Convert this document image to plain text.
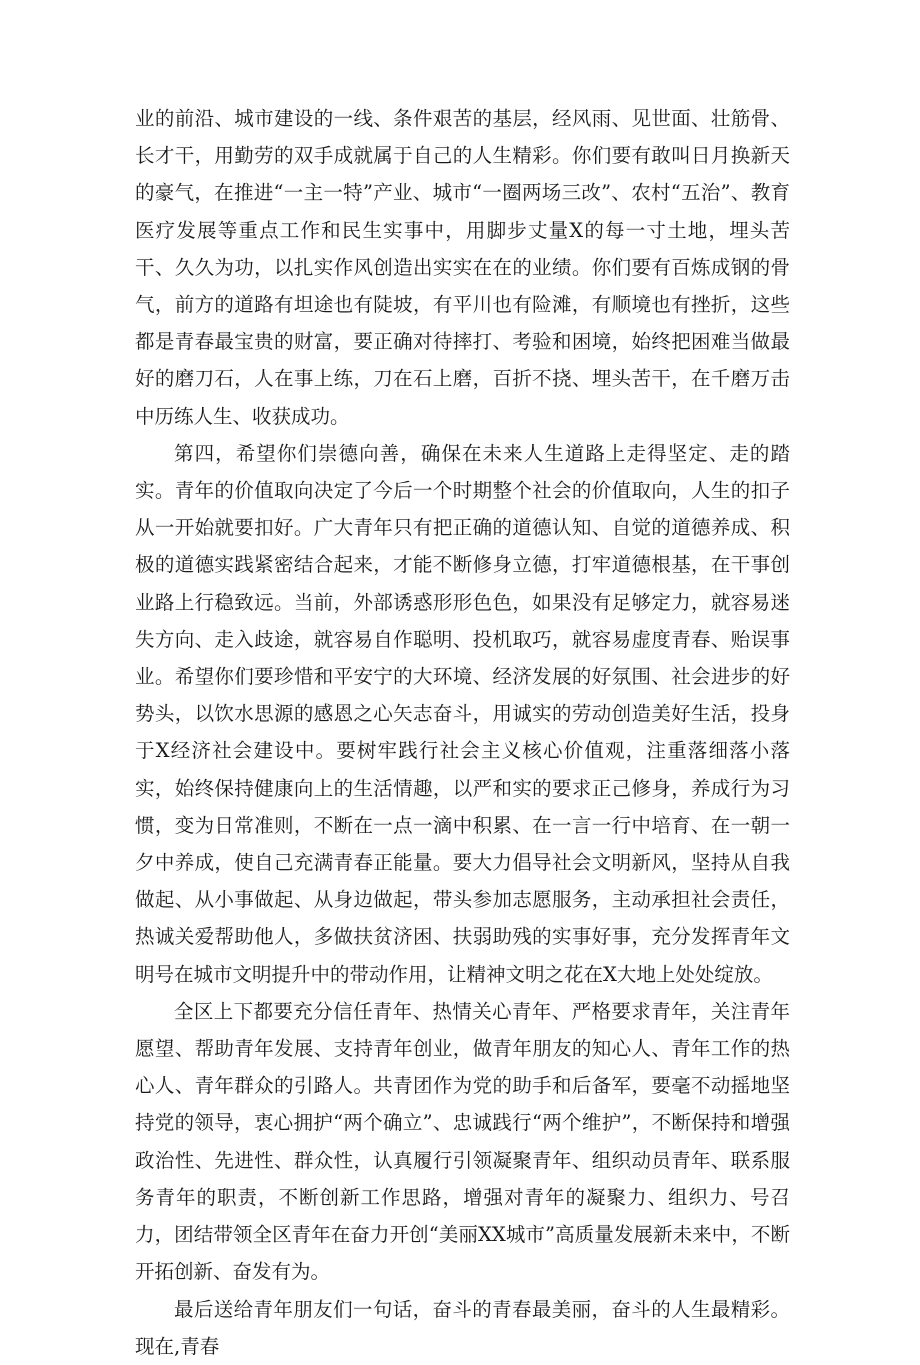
业的前沿、城市建设的一线、条件艰苦的基层，经风雨、见世面、壮筋骨、长才干，用勤劳的双手成就属于自己的人生精彩。你们要有敢叫日月换新天的豪气，在推进“一主一特”产业、城市“一圈两场三改”、农村“五治”、教育医疗发展等重点工作和民生实事中，用脚步丈量X的每一寸土地，埋头苦干、久久为功，以扎实作风创造出实实在在的业绩。你们要有百炼成钢的骨气，前方的道路有坦途也有陡坡，有平川也有险滩，有顺境也有挫折，这些都是青春最宝贵的财富，要正确对待摔打、考验和困境，始终把困难当做最好的磨刀石，人在事上练，刀在石上磨，百折不挠、埋头苦干，在千磨万击中历练人生、收获成功。

第四，希望你们崇德向善，确保在未来人生道路上走得坚定、走的踏实。青年的价值取向决定了今后一个时期整个社会的价值取向，人生的扣子从一开始就要扣好。广大青年只有把正确的道德认知、自觉的道德养成、积极的道德实践紧密结合起来，才能不断修身立德，打牢道德根基，在干事创业路上行稳致远。当前，外部诱惑形形色色，如果没有足够定力，就容易迷失方向、走入歧途，就容易自作聪明、投机取巧，就容易虚度青春、贻误事业。希望你们要珍惜和平安宁的大环境、经济发展的好氛围、社会进步的好势头，以饮水思源的感恩之心矢志奋斗，用诚实的劳动创造美好生活，投身于X经济社会建设中。要树牢践行社会主义核心价值观，注重落细落小落实，始终保持健康向上的生活情趣，以严和实的要求正己修身，养成行为习惯，变为日常准则，不断在一点一滴中积累、在一言一行中培育、在一朝一夕中养成，使自己充满青春正能量。要大力倡导社会文明新风，坚持从自我做起、从小事做起、从身边做起，带头参加志愿服务，主动承担社会责任，热诚关爱帮助他人，多做扶贫济困、扶弱助残的实事好事，充分发挥青年文明号在城市文明提升中的带动作用，让精神文明之花在X大地上处处绽放。

全区上下都要充分信任青年、热情关心青年、严格要求青年，关注青年愿望、帮助青年发展、支持青年创业，做青年朋友的知心人、青年工作的热心人、青年群众的引路人。共青团作为党的助手和后备军，要毫不动摇地坚持党的领导，衷心拥护“两个确立”、忠诚践行“两个维护”，不断保持和增强政治性、先进性、群众性，认真履行引领凝聚青年、组织动员青年、联系服务青年的职责，不断创新工作思路，增强对青年的凝聚力、组织力、号召力，团结带领全区青年在奋力开创“美丽XX城市”高质量发展新未来中，不断开拓创新、奋发有为。

最后送给青年朋友们一句话，奋斗的青春最美丽，奋斗的人生最精彩。现在,青春
